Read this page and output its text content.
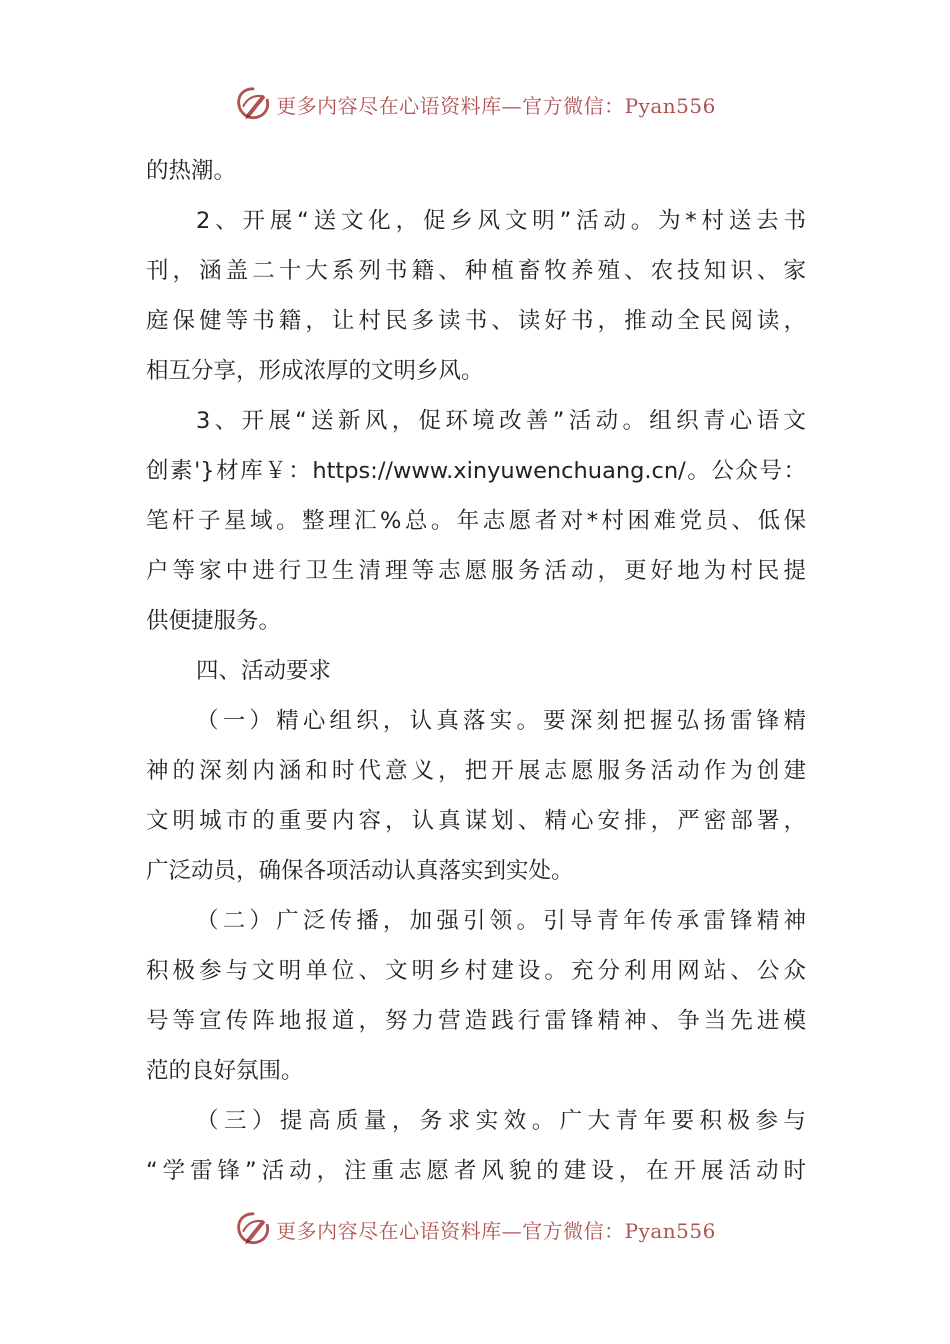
更多内容尽在心语资料库—官方微信：Pyan556
的热潮。
2、开展“送文化，促乡风文明”活动。为*村送去书
刊，涵盖二十大系列书籍、种植畜牧养殖、农技知识、家
庭保健等书籍，让村民多读书、读好书，推动全民阅读，
相互分享，形成浓厚的文明乡风。
3、开展“送新风，促环境改善”活动。组织青心语文
创素'}材库￥：https://www.xinyuwenchuang.cn/。公众号：
笔杆子星域。整理汇%总。年志愿者对*村困难党员、低保
户等家中进行卫生清理等志愿服务活动，更好地为村民提
供便捷服务。
四、活动要求
（一）精心组织，认真落实。要深刻把握弘扬雷锋精
神的深刻内涵和时代意义，把开展志愿服务活动作为创建
文明城市的重要内容，认真谋划、精心安排，严密部署，
广泛动员，确保各项活动认真落实到实处。
（二）广泛传播，加强引领。引导青年传承雷锋精神
积极参与文明单位、文明乡村建设。充分利用网站、公众
号等宣传阵地报道，努力营造践行雷锋精神、争当先进模
范的良好氛围。
（三）提高质量，务求实效。广大青年要积极参与
“学雷锋”活动，注重志愿者风貌的建设，在开展活动时
更多内容尽在心语资料库—官方微信：Pyan556
